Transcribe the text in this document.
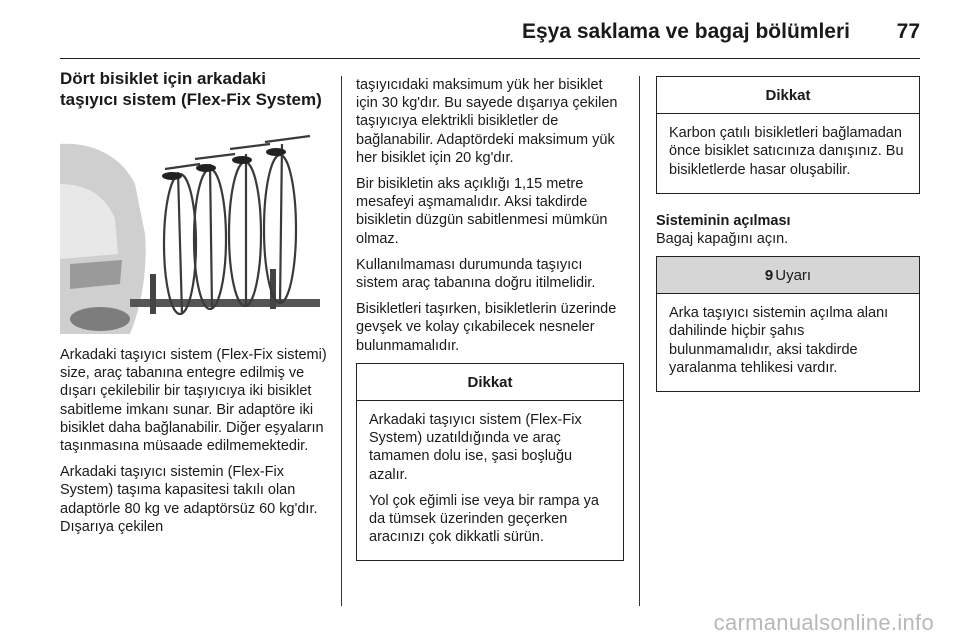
Eşya saklama ve bagaj bölümleri 77
Dört bisiklet için arkadaki taşıyıcı sistem (Flex-Fix System)

Arkadaki taşıyıcı sistem (Flex-Fix sistemi) size, araç tabanına entegre edilmiş ve dışarı çekilebilir bir taşıyıcıya iki bisiklet sabitleme imkanı sunar. Bir adaptöre iki bisiklet daha bağlanabilir. Diğer eşyaların taşınmasına müsaade edilmemektedir.

Arkadaki taşıyıcı sistemin (Flex-Fix System) taşıma kapasitesi takılı olan adaptörle 80 kg ve adaptörsüz 60 kg'dır. Dışarıya çekilen

taşıyıcıdaki maksimum yük her bisiklet için 30 kg'dır. Bu sayede dışarıya çekilen taşıyıcıya elektrikli bisikletler de bağlanabilir. Adaptördeki maksimum yük her bisiklet için 20 kg'dır.

Bir bisikletin aks açıklığı 1,15 metre mesafeyi aşmamalıdır. Aksi takdirde bisikletin düzgün sabitlenmesi mümkün olmaz.

Kullanılmaması durumunda taşıyıcı sistem araç tabanına doğru itilmelidir.

Bisikletleri taşırken, bisikletlerin üzerinde gevşek ve kolay çıkabilecek nesneler bulunmamalıdır.

Dikkat

Arkadaki taşıyıcı sistem (Flex-Fix System) uzatıldığında ve araç tamamen dolu ise, şasi boşluğu azalır.

Yol çok eğimli ise veya bir rampa ya da tümsek üzerinden geçerken aracınızı çok dikkatli sürün.

Dikkat

Karbon çatılı bisikletleri bağlamadan önce bisiklet satıcınıza danışınız. Bu bisikletlerde hasar oluşabilir.

Sisteminin açılması

Bagaj kapağını açın.

9 Uyarı

Arka taşıyıcı sistemin açılma alanı dahilinde hiçbir şahıs bulunmamalıdır, aksi takdirde yaralanma tehlikesi vardır.

carmanualsonline.info
